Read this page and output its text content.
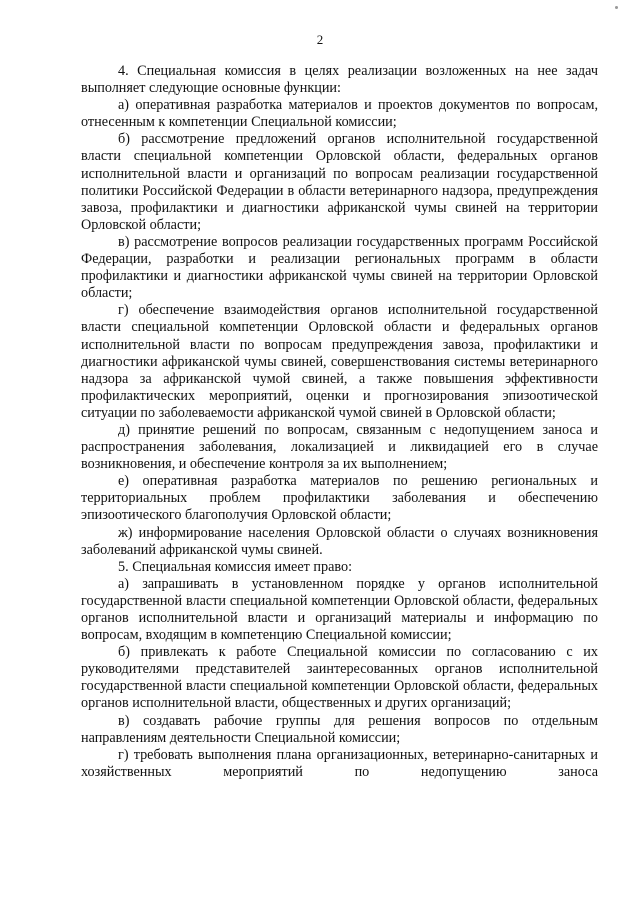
2

4. Специальная комиссия в целях реализации возложенных на нее задач выполняет следующие основные функции:

а) оперативная разработка материалов и проектов документов по вопросам, отнесенным к компетенции Специальной комиссии;

б) рассмотрение предложений органов исполнительной государственной власти специальной компетенции Орловской области, федеральных органов исполнительной власти и организаций по вопросам реализации государственной политики Российской Федерации в области ветеринарного надзора, предупреждения завоза, профилактики и диагностики африканской чумы свиней на территории Орловской области;

в) рассмотрение вопросов реализации государственных программ Российской Федерации, разработки и реализации региональных программ в области профилактики и диагностики африканской чумы свиней на территории Орловской области;

г) обеспечение взаимодействия органов исполнительной государственной власти специальной компетенции Орловской области и федеральных органов исполнительной власти по вопросам предупреждения завоза, профилактики и диагностики африканской чумы свиней, совершенствования системы ветеринарного надзора за африканской чумой свиней, а также повышения эффективности профилактических мероприятий, оценки и прогнозирования эпизоотической ситуации по заболеваемости африканской чумой свиней в Орловской области;

д) принятие решений по вопросам, связанным с недопущением заноса и распространения заболевания, локализацией и ликвидацией его в случае возникновения, и обеспечение контроля за их выполнением;

е) оперативная разработка материалов по решению региональных и территориальных проблем профилактики заболевания и обеспечению эпизоотического благополучия Орловской области;

ж) информирование населения Орловской области о случаях возникновения заболеваний африканской чумы свиней.

5. Специальная комиссия имеет право:

а) запрашивать в установленном порядке у органов исполнительной государственной власти специальной компетенции Орловской области, федеральных органов исполнительной власти и организаций материалы и информацию по вопросам, входящим в компетенцию Специальной комиссии;

б) привлекать к работе Специальной комиссии по согласованию с их руководителями представителей заинтересованных органов исполнительной государственной власти специальной компетенции Орловской области, федеральных органов исполнительной власти, общественных и других организаций;

в) создавать рабочие группы для решения вопросов по отдельным направлениям деятельности Специальной комиссии;

г) требовать выполнения плана организационных, ветеринарно-санитарных и хозяйственных мероприятий по недопущению заноса
